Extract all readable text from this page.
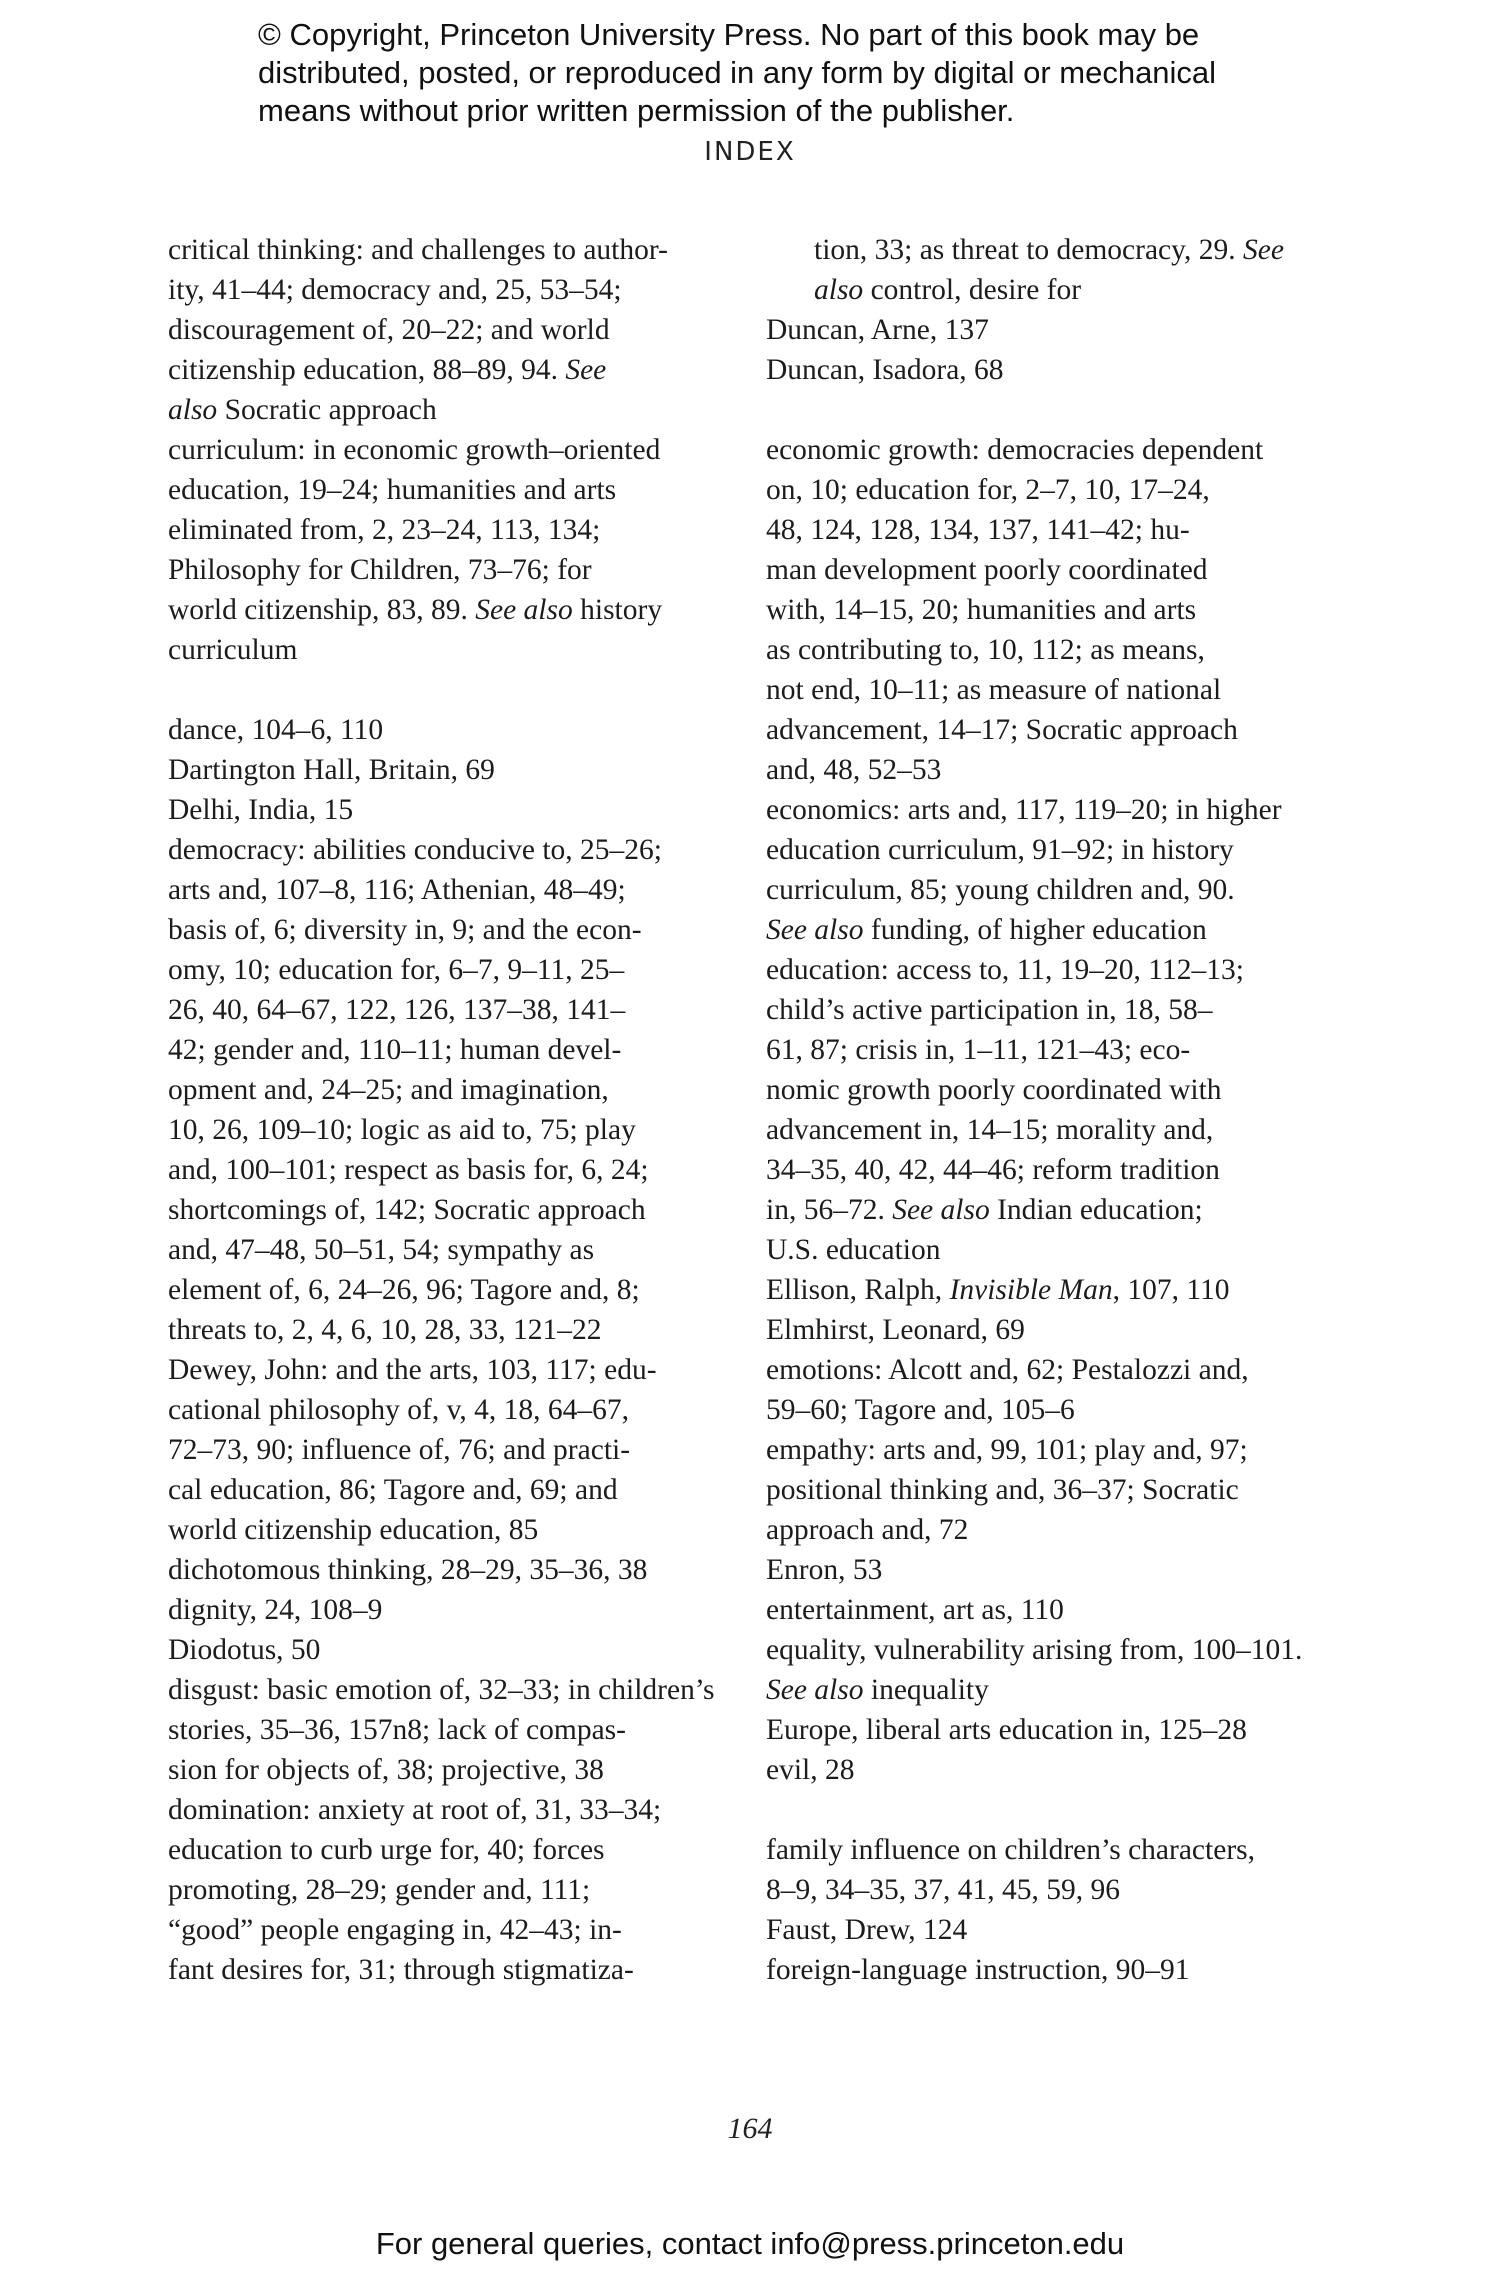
© Copyright, Princeton University Press. No part of this book may be
distributed, posted, or reproduced in any form by digital or mechanical
means without prior written permission of the publisher.
INDEX

critical thinking: and challenges to author-
ity, 41–44; democracy and, 25, 53–54;
discouragement of, 20–22; and world
citizenship education, 88–89, 94. See
also Socratic approach

curriculum: in economic growth–oriented
education, 19–24; humanities and arts
eliminated from, 2, 23–24, 113, 134;
Philosophy for Children, 73–76; for
world citizenship, 83, 89. See also history
curriculum

dance, 104–6, 110

Dartington Hall, Britain, 69

Delhi, India, 15

democracy: abilities conducive to, 25–26;
arts and, 107–8, 116; Athenian, 48–49;
basis of, 6; diversity in, 9; and the econ-
omy, 10; education for, 6–7, 9–11, 25–
26, 40, 64–67, 122, 126, 137–38, 141–
42; gender and, 110–11; human devel-
opment and, 24–25; and imagination,
10, 26, 109–10; logic as aid to, 75; play
and, 100–101; respect as basis for, 6, 24;
shortcomings of, 142; Socratic approach
and, 47–48, 50–51, 54; sympathy as
element of, 6, 24–26, 96; Tagore and, 8;
threats to, 2, 4, 6, 10, 28, 33, 121–22

Dewey, John: and the arts, 103, 117; edu-
cational philosophy of, v, 4, 18, 64–67,
72–73, 90; influence of, 76; and practi-
cal education, 86; Tagore and, 69; and
world citizenship education, 85

dichotomous thinking, 28–29, 35–36, 38

dignity, 24, 108–9

Diodotus, 50

disgust: basic emotion of, 32–33; in children’s
stories, 35–36, 157n8; lack of compas-
sion for objects of, 38; projective, 38

domination: anxiety at root of, 31, 33–34;
education to curb urge for, 40; forces
promoting, 28–29; gender and, 111;
“good” people engaging in, 42–43; in-
fant desires for, 31; through stigmatiza-

tion, 33; as threat to democracy, 29. See
also control, desire for

Duncan, Arne, 137

Duncan, Isadora, 68

economic growth: democracies dependent
on, 10; education for, 2–7, 10, 17–24,
48, 124, 128, 134, 137, 141–42; hu-
man development poorly coordinated
with, 14–15, 20; humanities and arts
as contributing to, 10, 112; as means,
not end, 10–11; as measure of national
advancement, 14–17; Socratic approach
and, 48, 52–53

economics: arts and, 117, 119–20; in higher
education curriculum, 91–92; in history
curriculum, 85; young children and, 90.
See also funding, of higher education

education: access to, 11, 19–20, 112–13;
child’s active participation in, 18, 58–
61, 87; crisis in, 1–11, 121–43; eco-
nomic growth poorly coordinated with
advancement in, 14–15; morality and,
34–35, 40, 42, 44–46; reform tradition
in, 56–72. See also Indian education;
U.S. education

Ellison, Ralph, Invisible Man, 107, 110

Elmhirst, Leonard, 69

emotions: Alcott and, 62; Pestalozzi and,
59–60; Tagore and, 105–6

empathy: arts and, 99, 101; play and, 97;
positional thinking and, 36–37; Socratic
approach and, 72

Enron, 53

entertainment, art as, 110

equality, vulnerability arising from, 100–101.
See also inequality

Europe, liberal arts education in, 125–28

evil, 28

family influence on children’s characters,
8–9, 34–35, 37, 41, 45, 59, 96

Faust, Drew, 124

foreign-language instruction, 90–91

164
For general queries, contact info@press.princeton.edu
